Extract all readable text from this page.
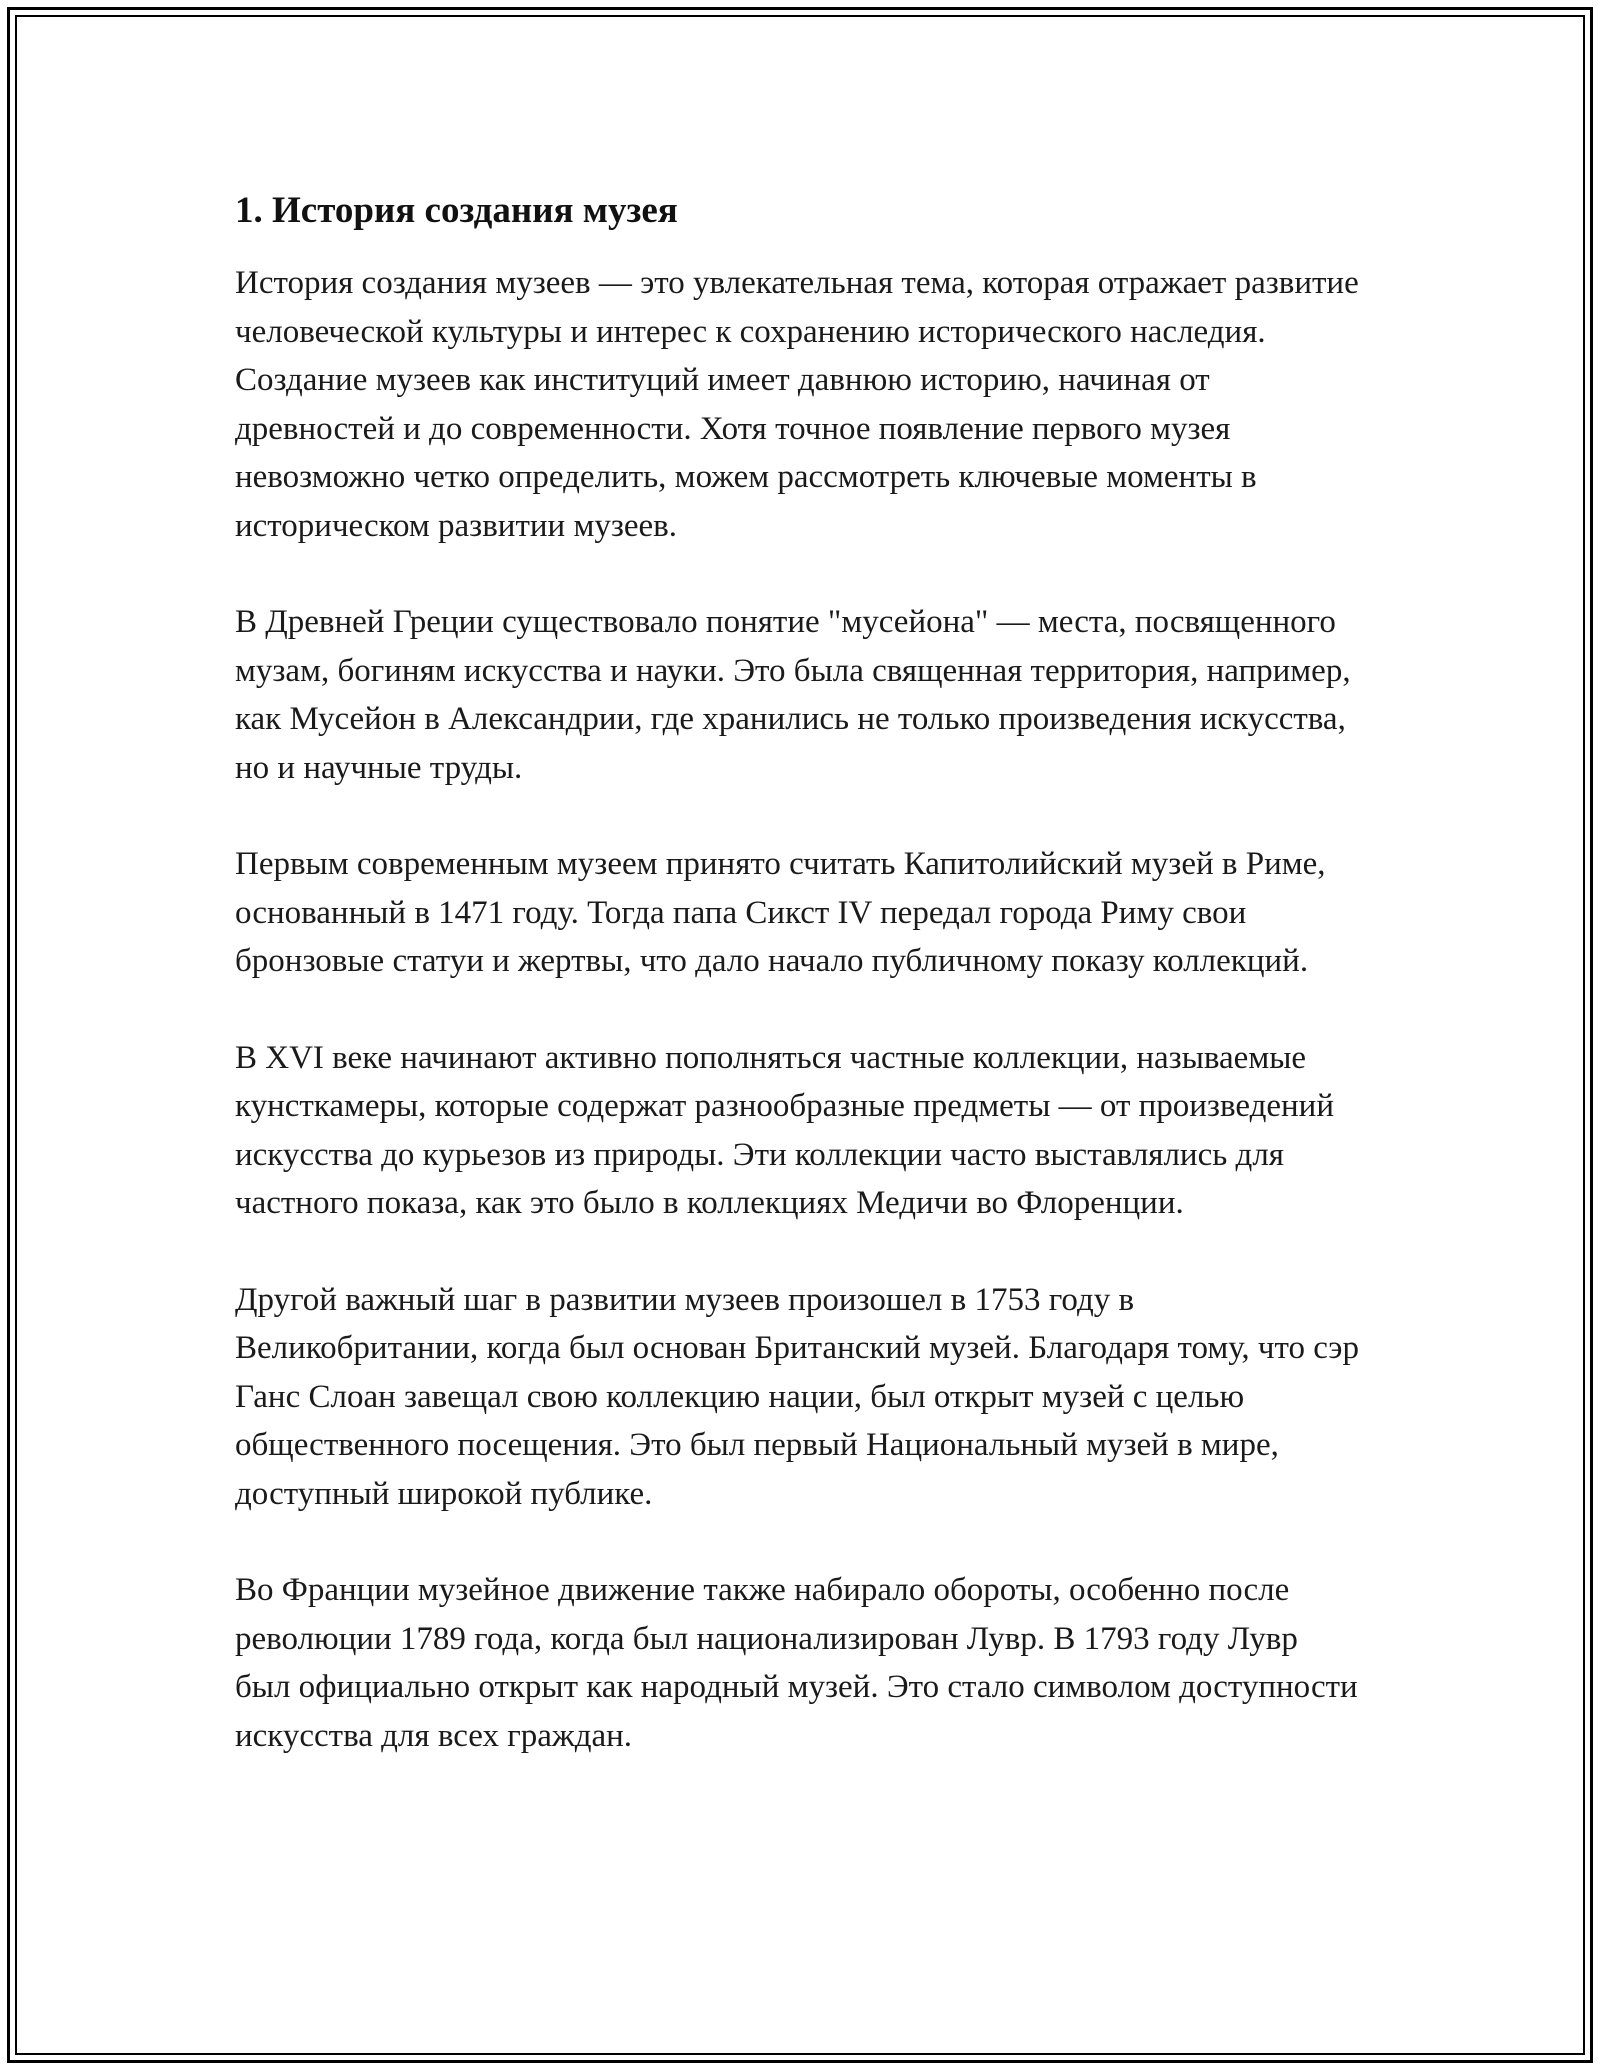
1. История создания музея

История создания музеев — это увлекательная тема, которая отражает развитие человеческой культуры и интерес к сохранению исторического наследия. Создание музеев как институций имеет давнюю историю, начиная от древностей и до современности. Хотя точное появление первого музея невозможно четко определить, можем рассмотреть ключевые моменты в историческом развитии музеев.

В Древней Греции существовало понятие "мусейона" — места, посвященного музам, богиням искусства и науки. Это была священная территория, например, как Мусейон в Александрии, где хранились не только произведения искусства, но и научные труды.

Первым современным музеем принято считать Капитолийский музей в Риме, основанный в 1471 году. Тогда папа Сикст IV передал города Риму свои бронзовые статуи и жертвы, что дало начало публичному показу коллекций.

В XVI веке начинают активно пополняться частные коллекции, называемые кунсткамеры, которые содержат разнообразные предметы — от произведений искусства до курьезов из природы. Эти коллекции часто выставлялись для частного показа, как это было в коллекциях Медичи во Флоренции.

Другой важный шаг в развитии музеев произошел в 1753 году в Великобритании, когда был основан Британский музей. Благодаря тому, что сэр Ганс Слоан завещал свою коллекцию нации, был открыт музей с целью общественного посещения. Это был первый Национальный музей в мире, доступный широкой публике.

Во Франции музейное движение также набирало обороты, особенно после революции 1789 года, когда был национализирован Лувр. В 1793 году Лувр был официально открыт как народный музей. Это стало символом доступности искусства для всех граждан.
